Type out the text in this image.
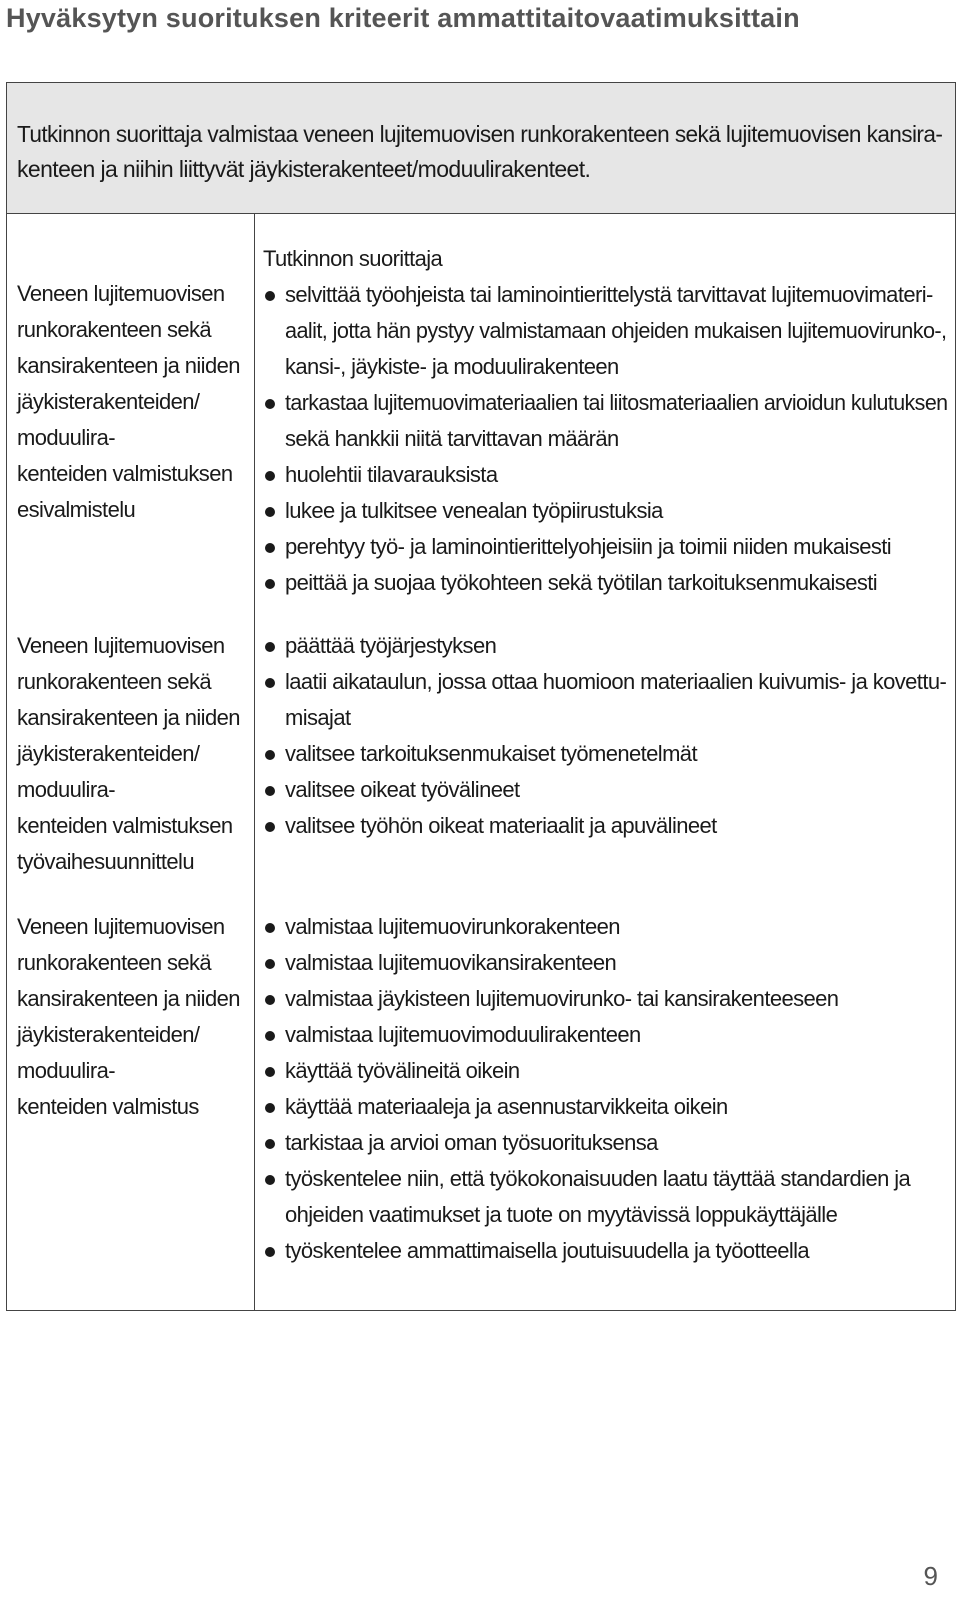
Hyväksytyn suorituksen kriteerit ammattitaitovaatimuksittain
Tutkinnon suorittaja valmistaa veneen lujitemuovisen runkorakenteen sekä lujitemuovisen kansira- kenteen ja niihin liittyvät jäykisterakenteet/moduulirakenteet.
Veneen lujitemuovisen runkorakenteen sekä kansirakenteen ja niiden jäykisterakenteiden/ moduulira- kenteiden valmistuksen esivalmistelu
Tutkinnon suorittaja
selvittää työohjeista tai laminointierittelystä tarvittavat lujitemuovimateri-
aalit, jotta hän pystyy valmistamaan ohjeiden mukaisen lujitemuovirunko-,
kansi-, jäykiste- ja moduulirakenteen
tarkastaa lujitemuovimateriaalien tai liitosmateriaalien arvioidun kulutuksen
sekä hankkii niitä tarvittavan määrän
huolehtii tilavarauksista
lukee ja tulkitsee venealan työpiirustuksia
perehtyy työ- ja laminointierittelyohjeisiin ja toimii niiden mukaisesti
peittää ja suojaa työkohteen sekä työtilan tarkoituksenmukaisesti
Veneen lujitemuovisen runkorakenteen sekä kansirakenteen ja niiden jäykisterakenteiden/ moduulira- kenteiden valmistuksen työvaihesuunnittelu
päättää työjärjestyksen
laatii aikataulun, jossa ottaa huomioon materiaalien kuivumis- ja kovettu-
misajat
valitsee tarkoituksenmukaiset työmenetelmät
valitsee oikeat työvälineet
valitsee työhön oikeat materiaalit ja apuvälineet
Veneen lujitemuovisen runkorakenteen sekä kansirakenteen ja niiden jäykisterakenteiden/ moduulira- kenteiden valmistus
valmistaa lujitemuovirunkorakenteen
valmistaa lujitemuovikansirakenteen
valmistaa jäykisteen lujitemuovirunko- tai kansirakenteeseen
valmistaa lujitemuovimoduulirakenteen
käyttää työvälineitä oikein
käyttää materiaaleja ja asennustarvikkeita oikein
tarkistaa ja arvioi oman työsuorituksensa
työskentelee niin, että työkokonaisuuden laatu täyttää standardien ja
ohjeiden vaatimukset ja tuote on myytävissä loppukäyttäjälle
työskentelee ammattimaisella joutuisuudella ja työotteella
9
